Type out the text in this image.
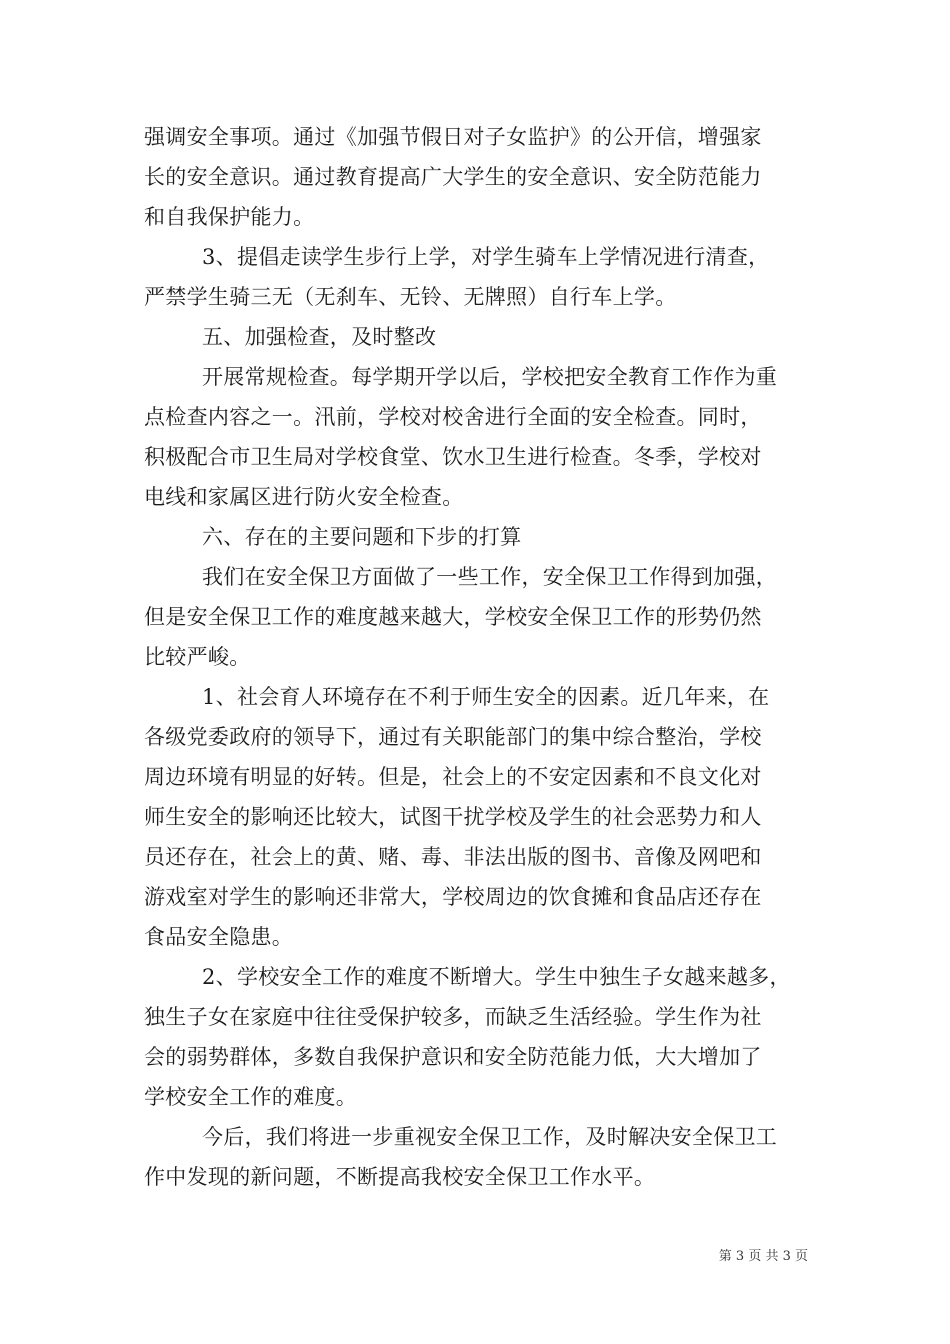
强调安全事项。通过《加强节假日对子女监护》的公开信，增强家
长的安全意识。通过教育提高广大学生的安全意识、安全防范能力
和自我保护能力。
3、提倡走读学生步行上学，对学生骑车上学情况进行清查，
严禁学生骑三无（无刹车、无铃、无牌照）自行车上学。
五、加强检查，及时整改
开展常规检查。每学期开学以后，学校把安全教育工作作为重
点检查内容之一。汛前，学校对校舍进行全面的安全检查。同时，
积极配合市卫生局对学校食堂、饮水卫生进行检查。冬季，学校对
电线和家属区进行防火安全检查。
六、存在的主要问题和下步的打算
我们在安全保卫方面做了一些工作，安全保卫工作得到加强，
但是安全保卫工作的难度越来越大，学校安全保卫工作的形势仍然
比较严峻。
1、社会育人环境存在不利于师生安全的因素。近几年来，在
各级党委政府的领导下，通过有关职能部门的集中综合整治，学校
周边环境有明显的好转。但是，社会上的不安定因素和不良文化对
师生安全的影响还比较大，试图干扰学校及学生的社会恶势力和人
员还存在，社会上的黄、赌、毒、非法出版的图书、音像及网吧和
游戏室对学生的影响还非常大，学校周边的饮食摊和食品店还存在
食品安全隐患。
2、学校安全工作的难度不断增大。学生中独生子女越来越多，
独生子女在家庭中往往受保护较多，而缺乏生活经验。学生作为社
会的弱势群体，多数自我保护意识和安全防范能力低，大大增加了
学校安全工作的难度。
今后，我们将进一步重视安全保卫工作，及时解决安全保卫工
作中发现的新问题，不断提高我校安全保卫工作水平。
第 3 页 共 3 页
